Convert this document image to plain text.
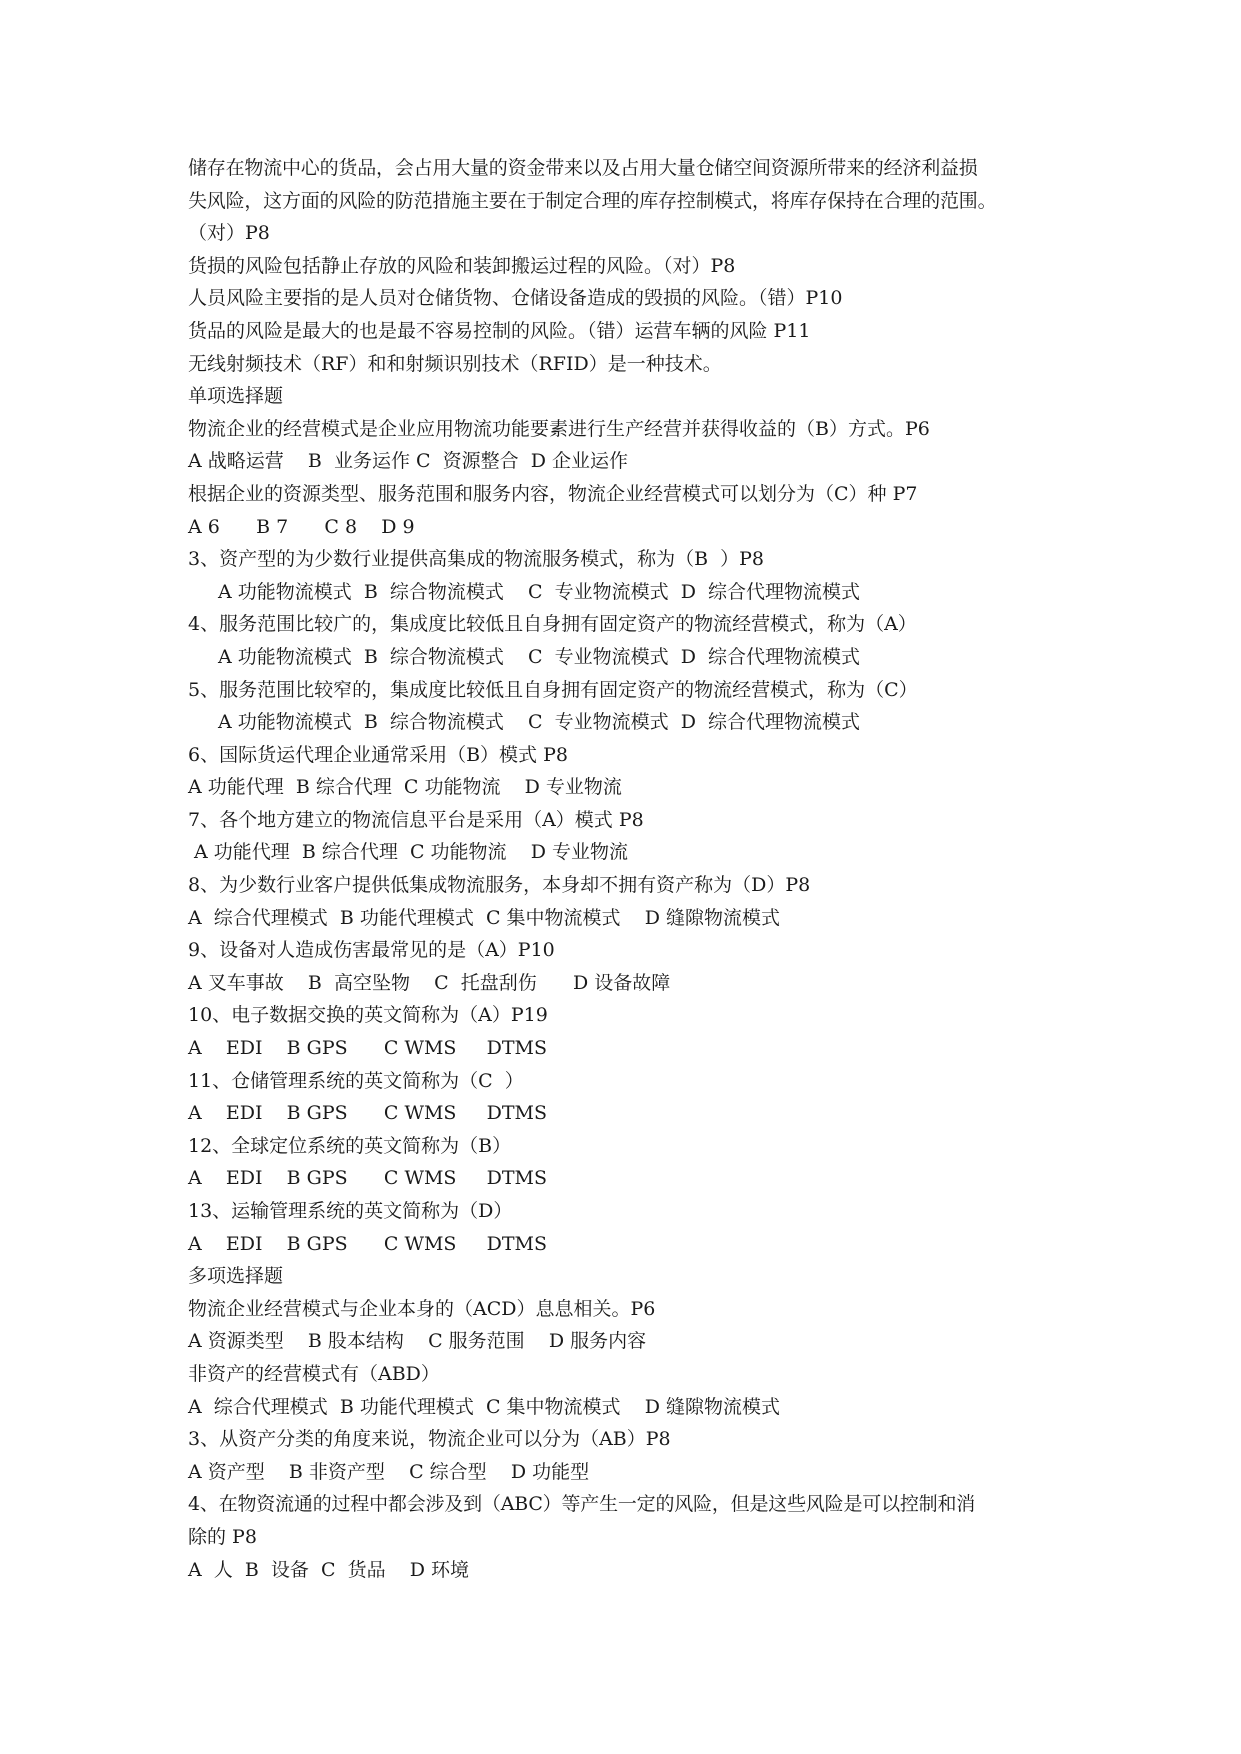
储存在物流中心的货品，会占用大量的资金带来以及占用大量仓储空间资源所带来的经济利益损
失风险，这方面的风险的防范措施主要在于制定合理的库存控制模式，将库存保持在合理的范围。
（对）P8
货损的风险包括静止存放的风险和装卸搬运过程的风险。（对）P8
人员风险主要指的是人员对仓储货物、仓储设备造成的毁损的风险。（错）P10
货品的风险是最大的也是最不容易控制的风险。（错）运营车辆的风险 P11
无线射频技术（RF）和和射频识别技术（RFID）是一种技术。
单项选择题
物流企业的经营模式是企业应用物流功能要素进行生产经营并获得收益的（B）方式。P6
A 战略运营    B  业务运作 C  资源整合  D 企业运作
根据企业的资源类型、服务范围和服务内容，物流企业经营模式可以划分为（C）种 P7
A 6      B 7      C 8    D 9
3、资产型的为少数行业提供高集成的物流服务模式，称为（B  ）P8
A 功能物流模式  B  综合物流模式    C  专业物流模式  D  综合代理物流模式
4、服务范围比较广的，集成度比较低且自身拥有固定资产的物流经营模式，称为（A）
A 功能物流模式  B  综合物流模式    C  专业物流模式  D  综合代理物流模式
5、服务范围比较窄的，集成度比较低且自身拥有固定资产的物流经营模式，称为（C）
A 功能物流模式  B  综合物流模式    C  专业物流模式  D  综合代理物流模式
6、国际货运代理企业通常采用（B）模式 P8
A 功能代理  B 综合代理  C 功能物流    D 专业物流
7、各个地方建立的物流信息平台是采用（A）模式 P8
A 功能代理  B 综合代理  C 功能物流    D 专业物流
8、为少数行业客户提供低集成物流服务，本身却不拥有资产称为（D）P8
A  综合代理模式  B 功能代理模式  C 集中物流模式    D 缝隙物流模式
9、设备对人造成伤害最常见的是（A）P10
A 叉车事故    B  高空坠物    C  托盘刮伤      D 设备故障
10、电子数据交换的英文简称为（A）P19
A    EDI    B GPS      C WMS     DTMS
11、仓储管理系统的英文简称为（C  ）
A    EDI    B GPS      C WMS     DTMS
12、全球定位系统的英文简称为（B）
A    EDI    B GPS      C WMS     DTMS
13、运输管理系统的英文简称为（D）
A    EDI    B GPS      C WMS     DTMS
多项选择题
物流企业经营模式与企业本身的（ACD）息息相关。P6
A 资源类型    B 股本结构    C 服务范围    D 服务内容
非资产的经营模式有（ABD）
A  综合代理模式  B 功能代理模式  C 集中物流模式    D 缝隙物流模式
3、从资产分类的角度来说，物流企业可以分为（AB）P8
A 资产型    B 非资产型    C 综合型    D 功能型
4、在物资流通的过程中都会涉及到（ABC）等产生一定的风险，但是这些风险是可以控制和消
除的 P8
A  人  B  设备  C  货品    D 环境
